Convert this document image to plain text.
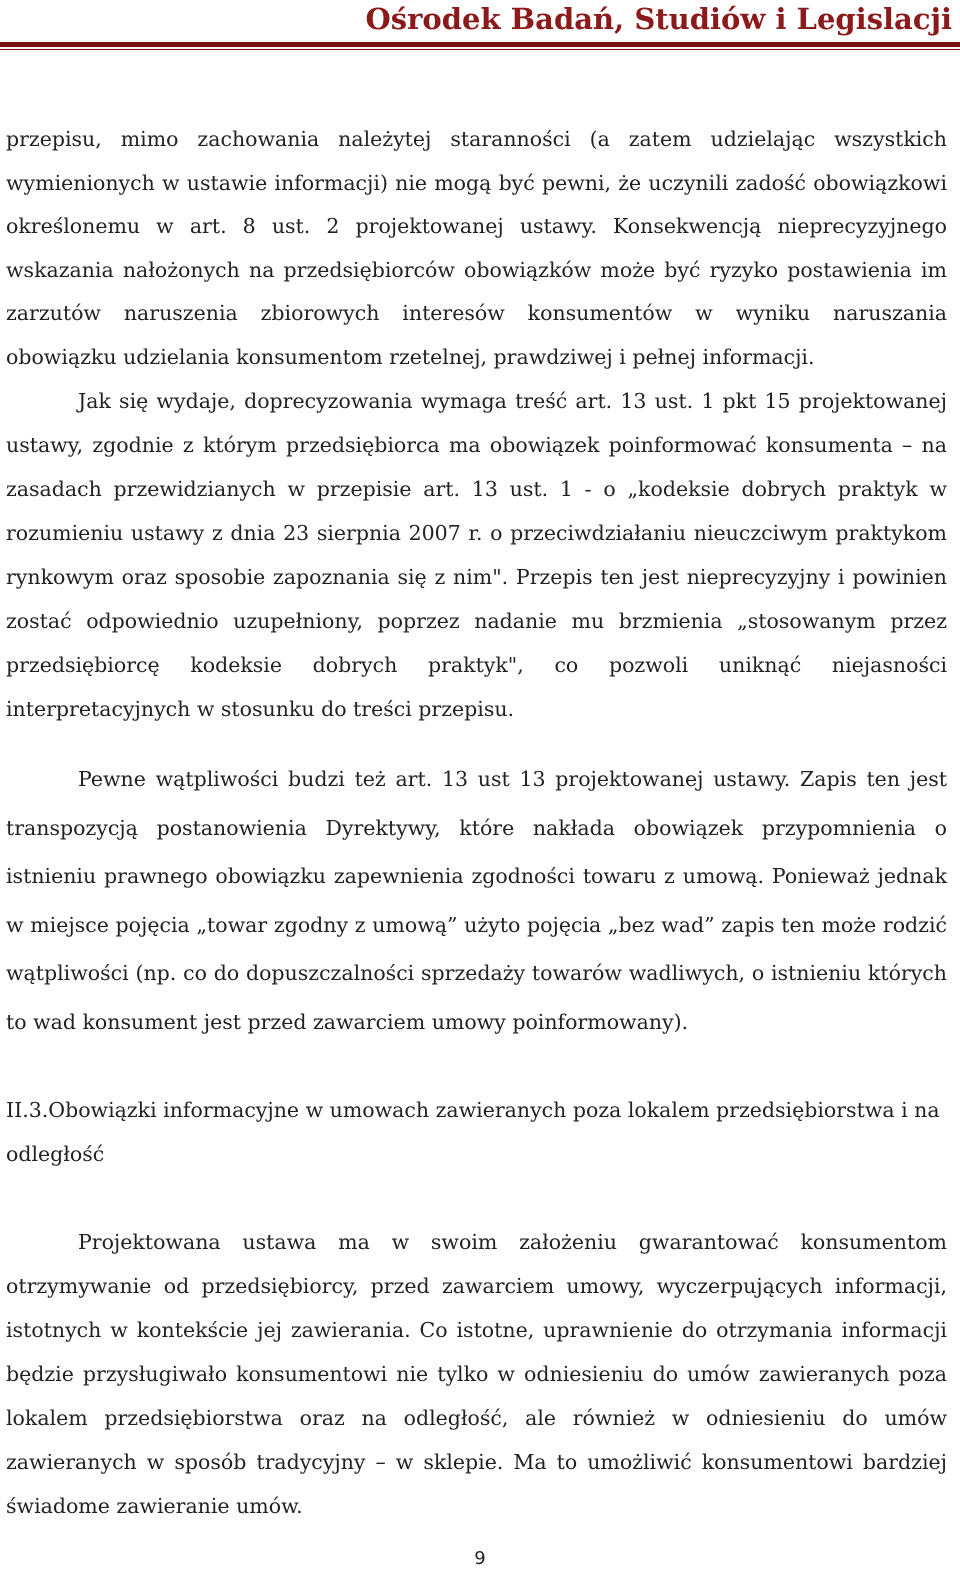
Ośrodek Badań, Studiów i Legislacji

przepisu, mimo zachowania należytej staranności (a zatem udzielając wszystkich wymienionych w ustawie informacji) nie mogą być pewni, że uczynili zadość obowiązkowi określonemu w art. 8 ust. 2 projektowanej ustawy. Konsekwencją nieprecyzyjnego wskazania nałożonych na przedsiębiorców obowiązków może być ryzyko postawienia im zarzutów naruszenia zbiorowych interesów konsumentów w wyniku naruszania obowiązku udzielania konsumentom rzetelnej, prawdziwej i pełnej informacji.

Jak się wydaje, doprecyzowania wymaga treść art. 13 ust. 1 pkt 15 projektowanej ustawy, zgodnie z którym przedsiębiorca ma obowiązek poinformować konsumenta – na zasadach przewidzianych w przepisie art. 13 ust. 1 - o „kodeksie dobrych praktyk w rozumieniu ustawy z dnia 23 sierpnia 2007 r. o przeciwdziałaniu nieuczciwym praktykom rynkowym oraz sposobie zapoznania się z nim". Przepis ten jest nieprecyzyjny i powinien zostać odpowiednio uzupełniony, poprzez nadanie mu brzmienia „stosowanym przez przedsiębiorcę kodeksie dobrych praktyk", co pozwoli uniknąć niejasności interpretacyjnych w stosunku do treści przepisu.

Pewne wątpliwości budzi też art. 13 ust 13 projektowanej ustawy. Zapis ten jest transpozycją postanowienia Dyrektywy, które nakłada obowiązek przypomnienia o istnieniu prawnego obowiązku zapewnienia zgodności towaru z umową. Ponieważ jednak w miejsce pojęcia „towar zgodny z umową” użyto pojęcia „bez wad” zapis ten może rodzić wątpliwości (np. co do dopuszczalności sprzedaży towarów wadliwych, o istnieniu których to wad konsument jest przed zawarciem umowy poinformowany).

II.3.Obowiązki informacyjne w umowach zawieranych poza lokalem przedsiębiorstwa i na odległość

Projektowana ustawa ma w swoim założeniu gwarantować konsumentom otrzymywanie od przedsiębiorcy, przed zawarciem umowy, wyczerpujących informacji, istotnych w kontekście jej zawierania. Co istotne, uprawnienie do otrzymania informacji będzie przysługiwało konsumentowi nie tylko w odniesieniu do umów zawieranych poza lokalem przedsiębiorstwa oraz na odległość, ale również w odniesieniu do umów zawieranych w sposób tradycyjny – w sklepie. Ma to umożliwić konsumentowi bardziej świadome zawieranie umów.

9
